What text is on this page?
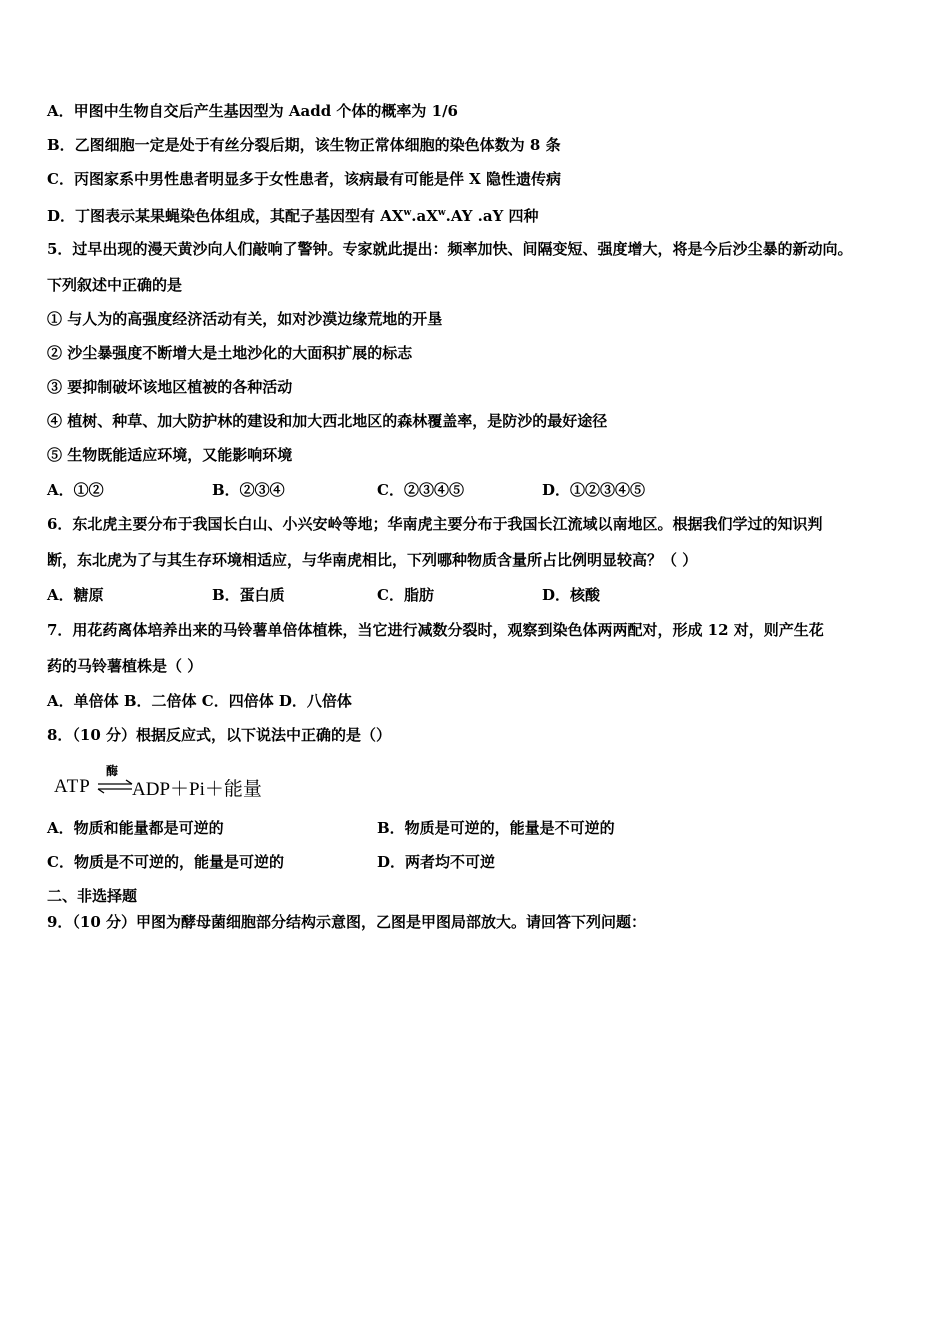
A．甲图中生物自交后产生基因型为 Aadd 个体的概率为 1/6
B．乙图细胞一定是处于有丝分裂后期，该生物正常体细胞的染色体数为 8 条
C．丙图家系中男性患者明显多于女性患者，该病最有可能是伴 X 隐性遗传病
D．丁图表示某果蝇染色体组成，其配子基因型有 $AX^w.aX^w.AY$ .aY 四种
5．过早出现的漫天黄沙向人们敲响了警钟。专家就此提出：频率加快、间隔变短、强度增大，将是今后沙尘暴的新动向。
下列叙述中正确的是
① 与人为的高强度经济活动有关，如对沙漠边缘荒地的开垦
② 沙尘暴强度不断增大是土地沙化的大面积扩展的标志
③ 要抑制破坏该地区植被的各种活动
④ 植树、种草、加大防护林的建设和加大西北地区的森林覆盖率，是防沙的最好途径
⑤ 生物既能适应环境，又能影响环境
A．①②	B．②③④	C．②③④⑤	D．①②③④⑤
6．东北虎主要分布于我国长白山、小兴安岭等地；华南虎主要分布于我国长江流域以南地区。根据我们学过的知识判
断，东北虎为了与其生存环境相适应，与华南虎相比，下列哪种物质含量所占比例明显较高？（ ）
A．糖原	B．蛋白质	C．脂肪	D．核酸
7．用花药离体培养出来的马铃薯单倍体植株，当它进行减数分裂时，观察到染色体两两配对，形成 12 对，则产生花
药的马铃薯植株是（ ）
A．单倍体 B．二倍体 C．四倍体 D．八倍体
8．（10 分）根据反应式，以下说法中正确的是（）
ATP
酶
ADP＋Pi＋能量
A．物质和能量都是可逆的	B．物质是可逆的，能量是不可逆的
C．物质是不可逆的，能量是可逆的	D．两者均不可逆
二、非选择题
9．（10 分）甲图为酵母菌细胞部分结构示意图，乙图是甲图局部放大。请回答下列问题：
